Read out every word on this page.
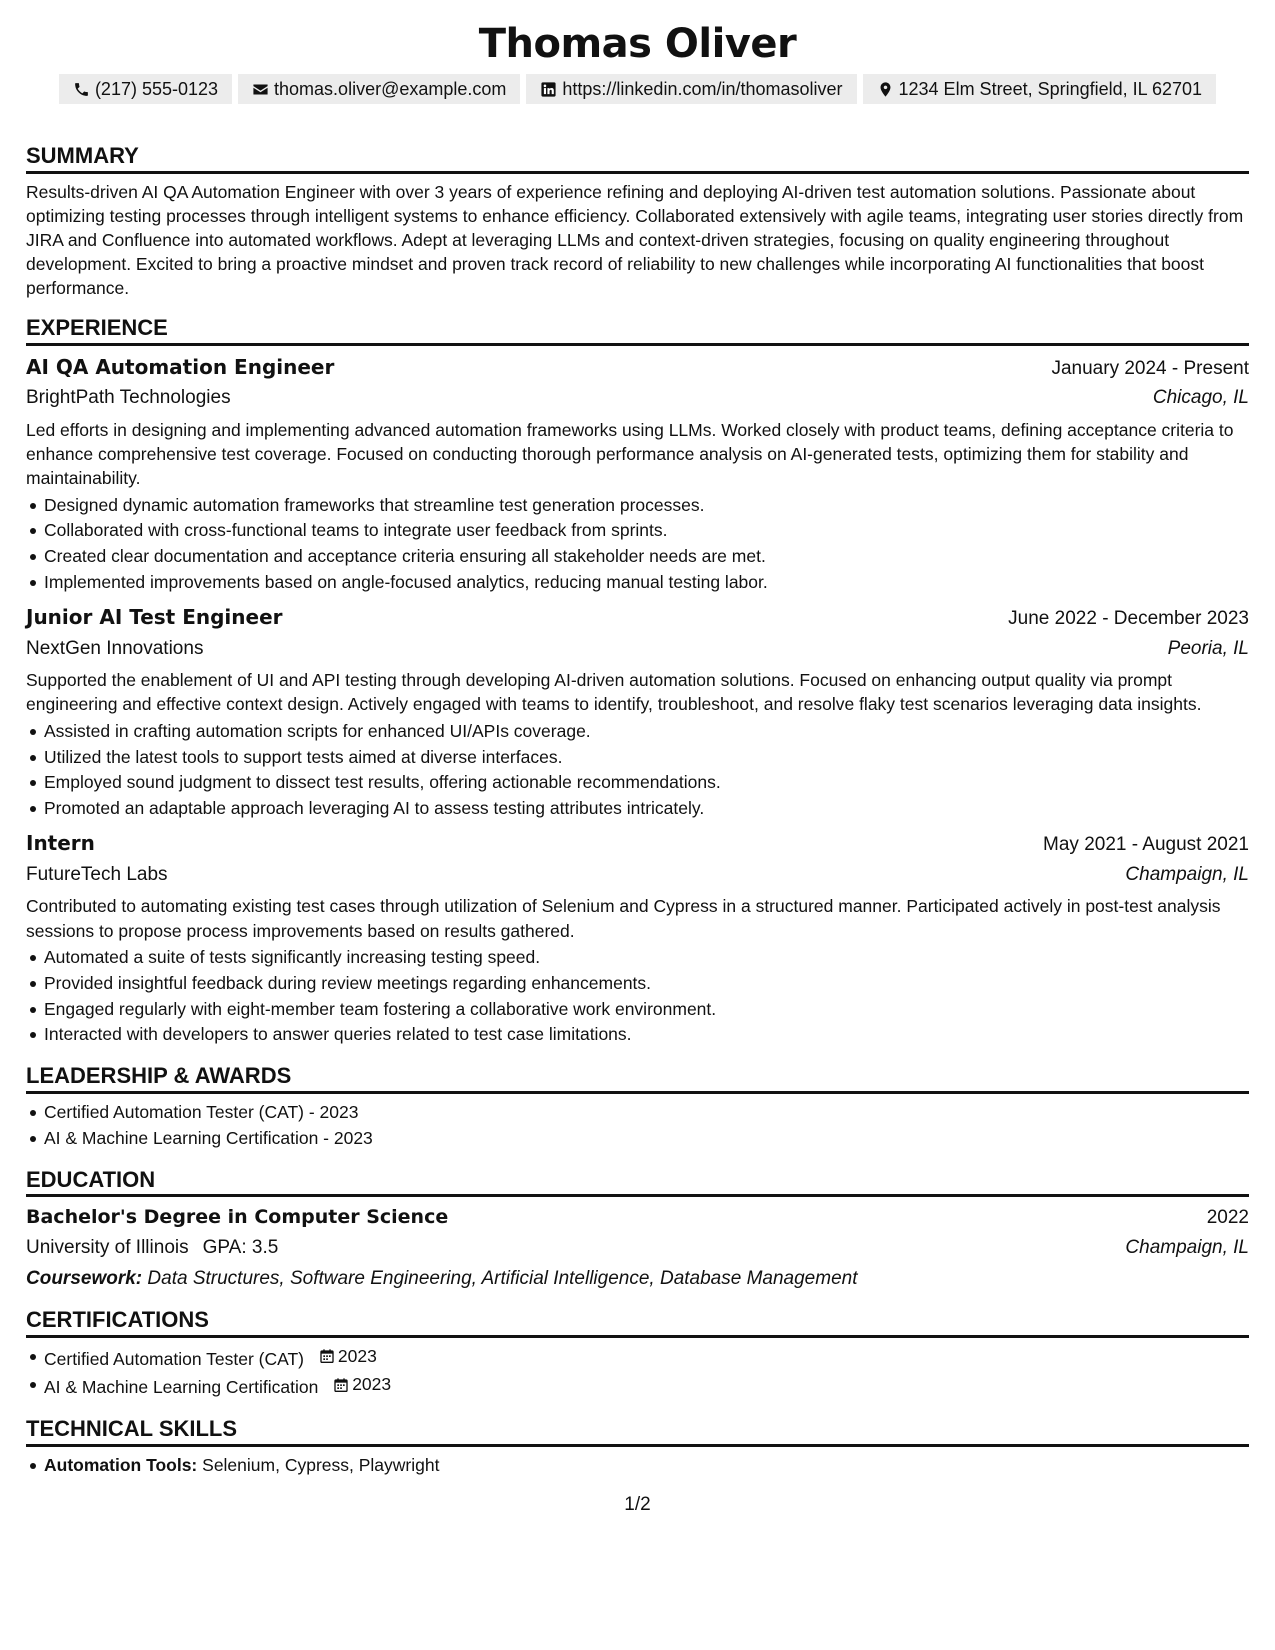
Thomas Oliver
(217) 555-0123	thomas.oliver@example.com	https://linkedin.com/in/thomasoliver	1234 Elm Street, Springfield, IL 62701
SUMMARY

Results-driven AI QA Automation Engineer with over 3 years of experience refining and deploying AI-driven test automation solutions. Passionate about optimizing testing processes through intelligent systems to enhance efficiency. Collaborated extensively with agile teams, integrating user stories directly from JIRA and Confluence into automated workflows. Adept at leveraging LLMs and context-driven strategies, focusing on quality engineering throughout development. Excited to bring a proactive mindset and proven track record of reliability to new challenges while incorporating AI functionalities that boost performance.

EXPERIENCE
AI QA Automation Engineer	January 2024 - Present
BrightPath Technologies	Chicago, IL

Led efforts in designing and implementing advanced automation frameworks using LLMs. Worked closely with product teams, defining acceptance criteria to enhance comprehensive test coverage. Focused on conducting thorough performance analysis on AI-generated tests, optimizing them for stability and maintainability.

Designed dynamic automation frameworks that streamline test generation processes.
Collaborated with cross-functional teams to integrate user feedback from sprints.
Created clear documentation and acceptance criteria ensuring all stakeholder needs are met.
Implemented improvements based on angle-focused analytics, reducing manual testing labor.
Junior AI Test Engineer	June 2022 - December 2023
NextGen Innovations	Peoria, IL

Supported the enablement of UI and API testing through developing AI-driven automation solutions. Focused on enhancing output quality via prompt engineering and effective context design. Actively engaged with teams to identify, troubleshoot, and resolve flaky test scenarios leveraging data insights.

Assisted in crafting automation scripts for enhanced UI/APIs coverage.
Utilized the latest tools to support tests aimed at diverse interfaces.
Employed sound judgment to dissect test results, offering actionable recommendations.
Promoted an adaptable approach leveraging AI to assess testing attributes intricately.
Intern	May 2021 - August 2021
FutureTech Labs	Champaign, IL

Contributed to automating existing test cases through utilization of Selenium and Cypress in a structured manner. Participated actively in post-test analysis sessions to propose process improvements based on results gathered.

Automated a suite of tests significantly increasing testing speed.
Provided insightful feedback during review meetings regarding enhancements.
Engaged regularly with eight-member team fostering a collaborative work environment.
Interacted with developers to answer queries related to test case limitations.
LEADERSHIP & AWARDS
Certified Automation Tester (CAT) - 2023
AI & Machine Learning Certification - 2023
EDUCATION
Bachelor's Degree in Computer Science	2022
University of Illinois GPA: 3.5	Champaign, IL
Coursework: Data Structures, Software Engineering, Artificial Intelligence, Database Management
CERTIFICATIONS
Certified Automation Tester (CAT) 2023
AI & Machine Learning Certification 2023
TECHNICAL SKILLS
Automation Tools: Selenium, Cypress, Playwright
1/2
